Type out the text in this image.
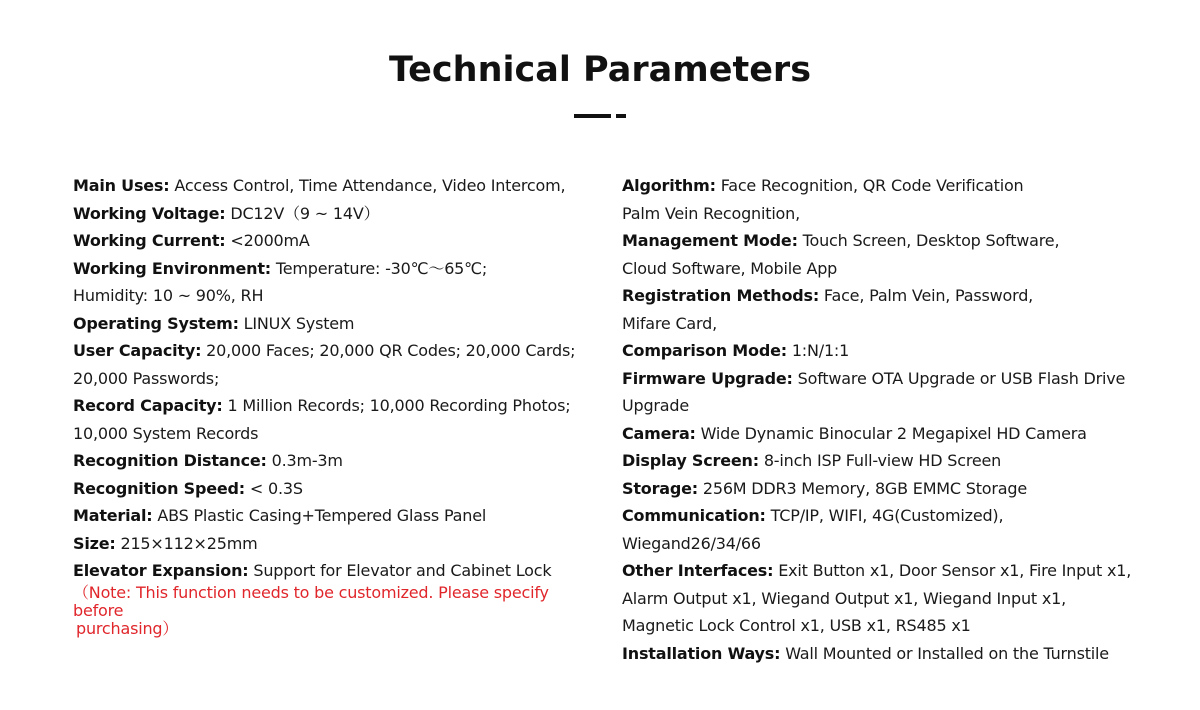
Technical Parameters
Main Uses: Access Control, Time Attendance, Video Intercom,
Working Voltage: DC12V（9 ~ 14V）
Working Current: <2000mA
Working Environment: Temperature: -30℃～65℃;
Humidity: 10 ~ 90%, RH
Operating System: LINUX System
User Capacity: 20,000 Faces; 20,000 QR Codes; 20,000 Cards;
20,000 Passwords;
Record Capacity: 1 Million Records; 10,000 Recording Photos;
10,000 System Records
Recognition Distance: 0.3m-3m
Recognition Speed: < 0.3S
Material: ABS Plastic Casing+Tempered Glass Panel
Size: 215×112×25mm
Elevator Expansion: Support for Elevator and Cabinet Lock
（Note: This function needs to be customized. Please specify before
purchasing）
Algorithm: Face Recognition, QR Code Verification
Palm Vein Recognition,
Management Mode: Touch Screen, Desktop Software,
Cloud Software, Mobile App
Registration Methods: Face, Palm Vein, Password,
Mifare Card,
Comparison Mode: 1:N/1:1
Firmware Upgrade: Software OTA Upgrade or USB Flash Drive
Upgrade
Camera: Wide Dynamic Binocular 2 Megapixel HD Camera
Display Screen: 8-inch ISP Full-view HD Screen
Storage: 256M DDR3 Memory, 8GB EMMC Storage
Communication: TCP/IP, WIFI, 4G(Customized),
Wiegand26/34/66
Other Interfaces: Exit Button x1, Door Sensor x1, Fire Input x1,
Alarm Output x1, Wiegand Output x1, Wiegand Input x1,
Magnetic Lock Control x1, USB x1, RS485 x1
Installation Ways: Wall Mounted or Installed on the Turnstile
